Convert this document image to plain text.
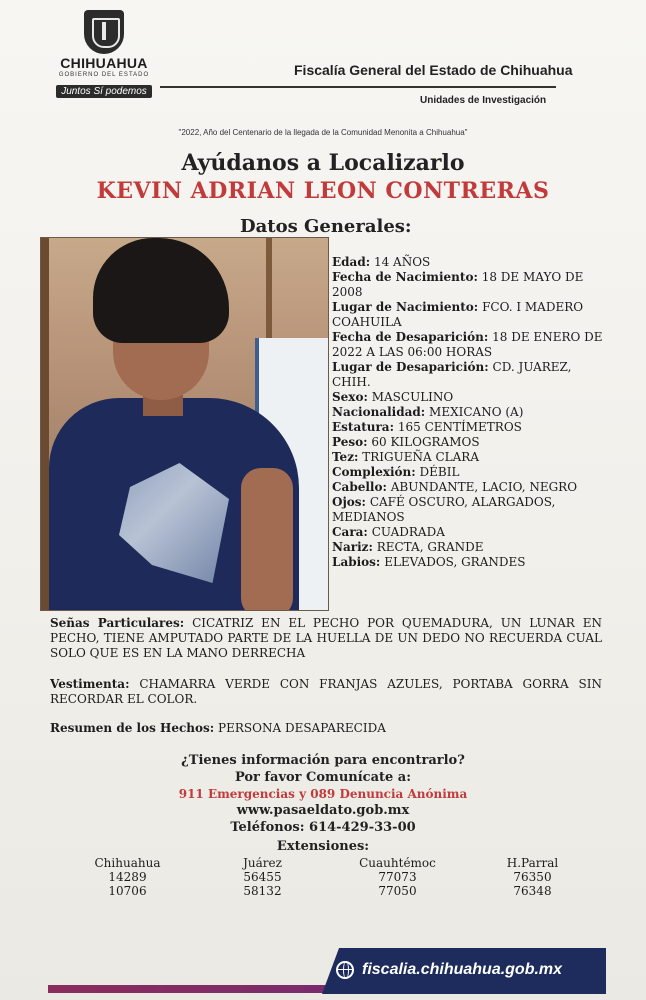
CHIHUAHUA
GOBIERNO DEL ESTADO
Juntos Sí podemos
Fiscalía General del Estado de Chihuahua
Unidades de Investigación
"2022, Año del Centenario de la llegada de la Comunidad Menonita a Chihuahua"
Ayúdanos a Localizarlo
KEVIN ADRIAN LEON CONTRERAS
Datos Generales:

Edad: 14 AÑOS

Fecha de Nacimiento: 18 DE MAYO DE 2008

Lugar de Nacimiento: FCO. I MADERO COAHUILA

Fecha de Desaparición: 18 DE ENERO DE 2022 A LAS 06:00 HORAS

Lugar de Desaparición: CD. JUAREZ, CHIH.

Sexo: MASCULINO

Nacionalidad: MEXICANO (A)

Estatura: 165 CENTÍMETROS

Peso: 60 KILOGRAMOS

Tez: TRIGUEÑA CLARA

Complexión: DÉBIL

Cabello: ABUNDANTE, LACIO, NEGRO

Ojos: CAFÉ OSCURO, ALARGADOS, MEDIANOS

Cara: CUADRADA

Nariz: RECTA, GRANDE

Labios: ELEVADOS, GRANDES

Señas Particulares: CICATRIZ EN EL PECHO POR QUEMADURA, UN LUNAR EN PECHO, TIENE AMPUTADO PARTE DE LA HUELLA DE UN DEDO NO RECUERDA CUAL SOLO QUE ES EN LA MANO DERRECHA
Vestimenta: CHAMARRA VERDE CON FRANJAS AZULES, PORTABA GORRA SIN RECORDAR EL COLOR.
Resumen de los Hechos: PERSONA DESAPARECIDA
¿Tienes información para encontrarlo?
Por favor Comunícate a:
911 Emergencias y 089 Denuncia Anónima
www.pasaeldato.gob.mx
Teléfonos: 614-429-33-00
Extensiones:
Chihuahua
14289
10706
Juárez
56455
58132
Cuauhtémoc
77073
77050
H.Parral
76350
76348
fiscalia.chihuahua.gob.mx
